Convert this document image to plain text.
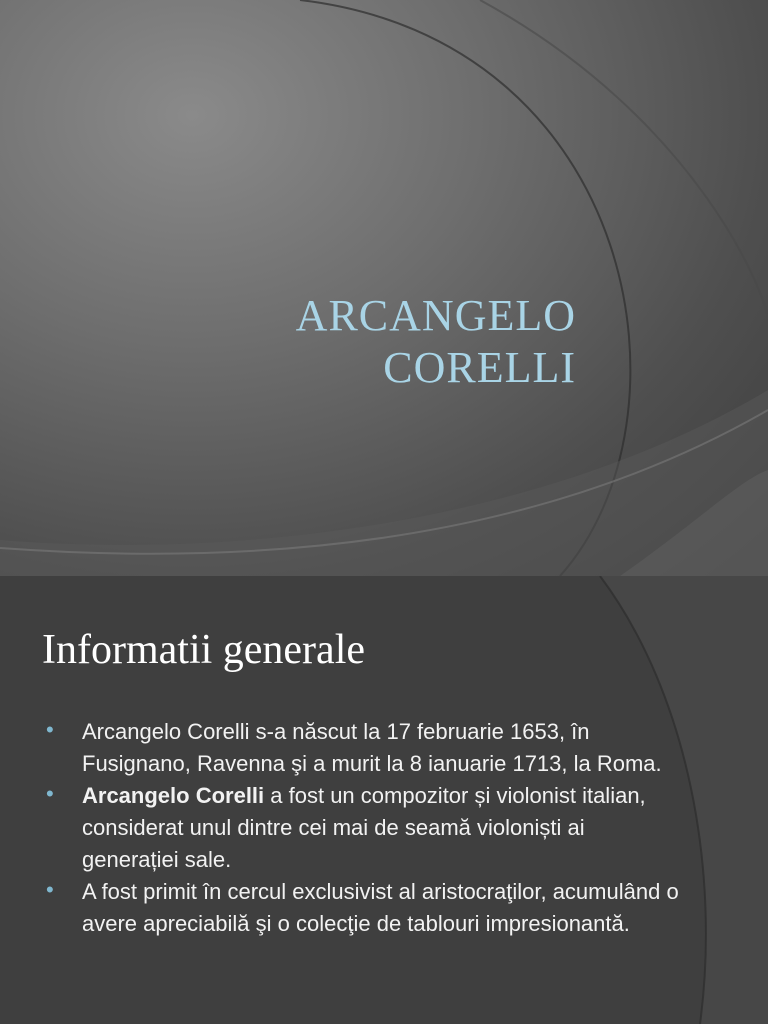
ARCANGELO
CORELLI
Informatii generale
• Arcangelo Corelli s-a născut la 17 februarie 1653, în Fusignano, Ravenna şi a murit la 8 ianuarie 1713, la Roma.
• Arcangelo Corelli a fost un compozitor și violonist italian, considerat unul dintre cei mai de seamă violoniști ai generației sale.
• A fost primit în cercul exclusivist al aristocraţilor, acumulând o avere apreciabilă şi o colecţie de tablouri impresionantă.
